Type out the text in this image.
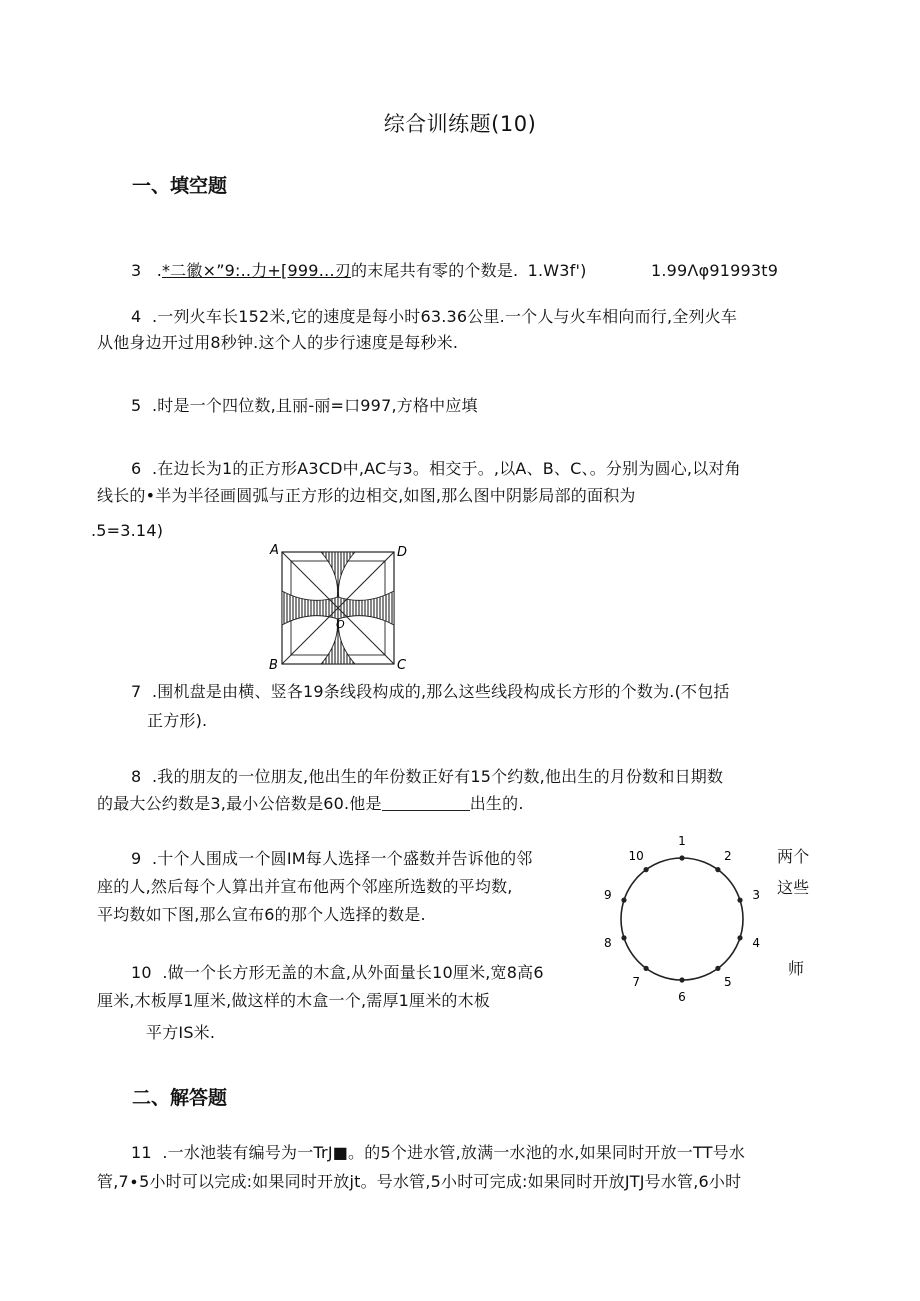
综合训练题(10)
一、填空题
3 .*二徽×”9:..力+[999…刃的末尾共有零的个数是. 1.W3f')	1.99Λφ91993t9
4  .一列火车长152米,它的速度是每小时63.36公里.一个人与火车相向而行,全列火车
从他身边开过用8秒钟.这个人的步行速度是每秒米.
5  .时是一个四位数,且丽-丽=口997,方格中应填
6  .在边长为1的正方形A3CD中,AC与3。相交于。,以A、B、C、。分别为圆心,以对角
线长的•半为半径画圆弧与正方形的边相交,如图,那么图中阴影局部的面积为
.5=3.14)
A	D
B	C
O
7  .围机盘是由横、竖各19条线段构成的,那么这些线段构成长方形的个数为.(不包括
正方形).
8  .我的朋友的一位朋友,他出生的年份数正好有15个约数,他出生的月份数和日期数
的最大公约数是3,最小公倍数是60.他是	出生的.
9  .十个人围成一个圆IM每人选择一个盛数并告诉他的邻
座的人,然后每个人算出并宣布他两个邻座所选数的平均数,
平均数如下图,那么宣布6的那个人选择的数是.
两个
这些
师
1
2
3
4
5
6
7
8
9
10
10  .做一个长方形无盖的木盒,从外面量长10厘米,宽8高6
厘米,木板厚1厘米,做这样的木盒一个,需厚1厘米的木板
平方IS米.
二、解答题
11  .一水池装有编号为一TrJ■。的5个进水管,放满一水池的水,如果同时开放一TT号水
管,7∙5小时可以完成:如果同时开放jt。号水管,5小时可完成:如果同时开放JTJ号水管,6小时
